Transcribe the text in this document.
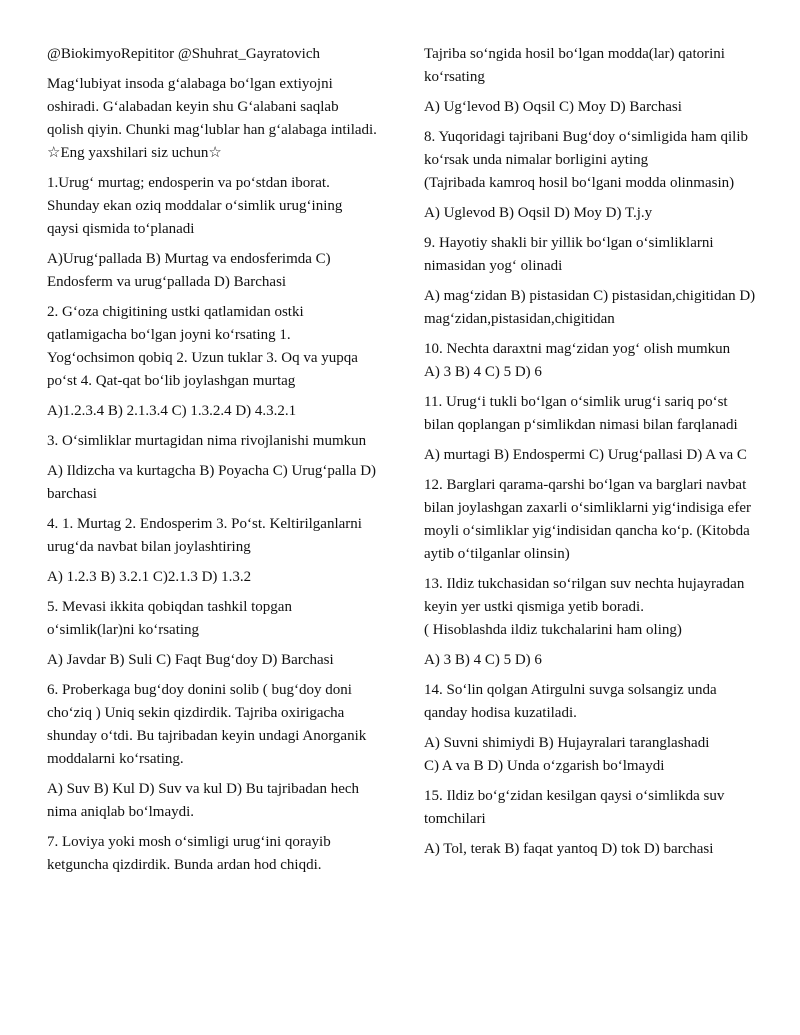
@BiokimyoRepititor @Shuhrat_Gayratovich

Mag‘lubiyat insoda g‘alabaga bo‘lgan extiyojni oshiradi. G‘alabadan keyin shu G‘alabani saqlab qolish qiyin. Chunki mag‘lublar han g‘alabaga intiladi. ☆Eng yaxshilari siz uchun☆

1.Urug‘ murtag; endosperin va po‘stdan iborat. Shunday ekan oziq moddalar o‘simlik urug‘ining qaysi qismida to‘planadi

A)Urug‘pallada B) Murtag va endosferimda C) Endosferm va urug‘pallada D) Barchasi

2. G‘oza chigitining ustki qatlamidan ostki qatlamigacha bo‘lgan joyni ko‘rsating 1. Yog‘ochsimon qobiq 2. Uzun tuklar 3. Oq va yupqa po‘st 4. Qat-qat bo‘lib joylashgan murtag

A)1.2.3.4 B) 2.1.3.4 C) 1.3.2.4 D) 4.3.2.1

3. O‘simliklar murtagidan nima rivojlanishi mumkun

A) Ildizcha va kurtagcha B) Poyacha C) Urug‘palla D) barchasi

4. 1. Murtag 2. Endosperim 3. Po‘st. Keltirilganlarni urug‘da navbat bilan joylashtiring

A) 1.2.3 B) 3.2.1 C)2.1.3 D) 1.3.2

5. Mevasi ikkita qobiqdan tashkil topgan o‘simlik(lar)ni ko‘rsating

A) Javdar B) Suli C) Faqt Bug‘doy D) Barchasi

6. Proberkaga bug‘doy donini solib ( bug‘doy doni cho‘ziq ) Uniq sekin qizdirdik. Tajriba oxirigacha shunday o‘tdi. Bu tajribadan keyin undagi Anorganik moddalarni ko‘rsating.

A) Suv B) Kul D) Suv va kul D) Bu tajribadan hech nima aniqlab bo‘lmaydi.

7. Loviya yoki mosh o‘simligi urug‘ini qorayib ketguncha qizdirdik. Bunda ardan hod chiqdi.

Tajriba so‘ngida hosil bo‘lgan modda(lar) qatorini ko‘rsating

A) Ug‘levod B) Oqsil C) Moy D) Barchasi

8. Yuqoridagi tajribani Bug‘doy o‘simligida ham qilib ko‘rsak unda nimalar borligini ayting
(Tajribada kamroq hosil bo‘lgani modda olinmasin)

A) Uglevod B) Oqsil D) Moy D) T.j.y

9. Hayotiy shakli bir yillik bo‘lgan o‘simliklarni nimasidan yog‘ olinadi

A) mag‘zidan B) pistasidan C) pistasidan,chigitidan D) mag‘zidan,pistasidan,chigitidan

10. Nechta daraxtni mag‘zidan yog‘ olish mumkun
A) 3 B) 4 C) 5 D) 6

11. Urug‘i tukli bo‘lgan o‘simlik urug‘i sariq po‘st bilan qoplangan p‘simlikdan nimasi bilan farqlanadi

A) murtagi B) Endospermi C) Urug‘pallasi D) A va C

12. Barglari qarama-qarshi bo‘lgan va barglari navbat bilan joylashgan zaxarli o‘simliklarni yig‘indisiga efer moyli o‘simliklar yig‘indisidan qancha ko‘p. (Kitobda aytib o‘tilganlar olinsin)

13. Ildiz tukchasidan so‘rilgan suv nechta hujayradan keyin yer ustki qismiga yetib boradi.
( Hisoblashda ildiz tukchalarini ham oling)

A) 3 B) 4 C) 5 D) 6

14. So‘lin qolgan Atirgulni suvga solsangiz unda qanday hodisa kuzatiladi.

A) Suvni shimiydi B) Hujayralari taranglashadi
C) A va B D) Unda o‘zgarish bo‘lmaydi

15. Ildiz bo‘g‘zidan kesilgan qaysi o‘simlikda suv tomchilari

A) Tol, terak B) faqat yantoq D) tok D) barchasi
